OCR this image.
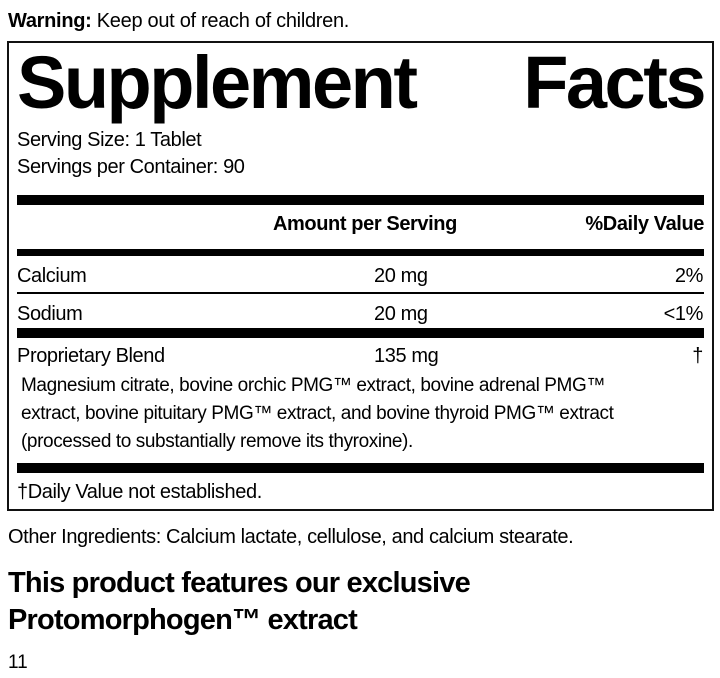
Warning: Keep out of reach of children.
Supplement Facts
Serving Size: 1 Tablet
Servings per Container: 90
Amount per Serving	%Daily Value
Calcium	20 mg	2%
Sodium	20 mg	<1%
Proprietary Blend	135 mg	†
Magnesium citrate, bovine orchic PMG™ extract, bovine adrenal PMG™
extract, bovine pituitary PMG™ extract, and bovine thyroid PMG™ extract
(processed to substantially remove its thyroxine).
†Daily Value not established.
Other Ingredients: Calcium lactate, cellulose, and calcium stearate.
This product features our exclusive
Protomorphogen™ extract
11
